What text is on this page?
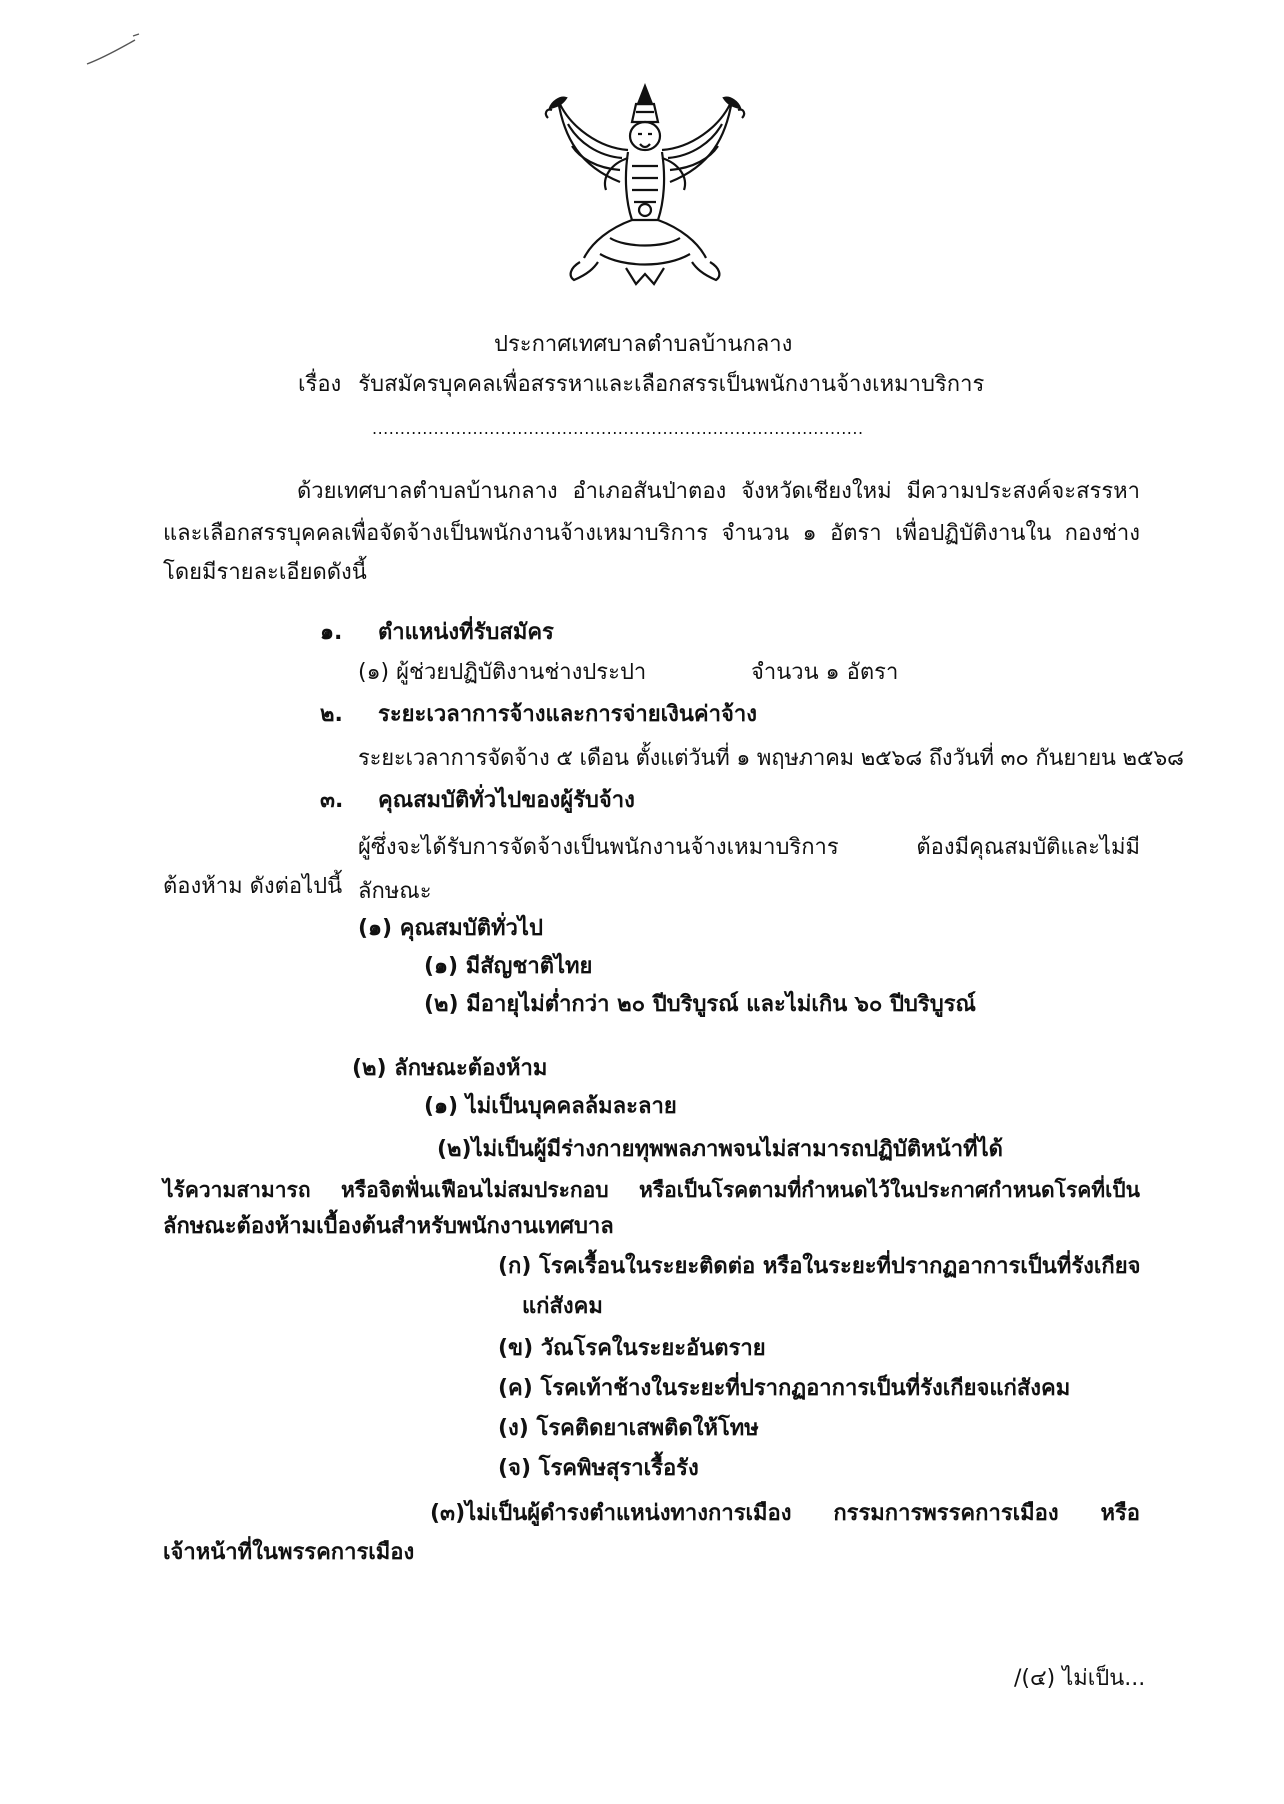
ประกาศเทศบาลตำบลบ้านกลาง
เรื่อง รับสมัครบุคคลเพื่อสรรหาและเลือกสรรเป็นพนักงานจ้างเหมาบริการ
........................................................................................
ด้วยเทศบาลตำบลบ้านกลาง อำเภอสันป่าตอง จังหวัดเชียงใหม่ มีความประสงค์จะสรรหา
และเลือกสรรบุคคลเพื่อจัดจ้างเป็นพนักงานจ้างเหมาบริการ จำนวน ๑ อัตรา เพื่อปฏิบัติงานใน กองช่าง
โดยมีรายละเอียดดังนี้
๑. ตำแหน่งที่รับสมัคร
(๑) ผู้ช่วยปฏิบัติงานช่างประปา	จำนวน ๑ อัตรา
๒. ระยะเวลาการจ้างและการจ่ายเงินค่าจ้าง
ระยะเวลาการจัดจ้าง ๕ เดือน ตั้งแต่วันที่ ๑ พฤษภาคม ๒๕๖๘ ถึงวันที่ ๓๐ กันยายน ๒๕๖๘
๓. คุณสมบัติทั่วไปของผู้รับจ้าง
ผู้ซึ่งจะได้รับการจัดจ้างเป็นพนักงานจ้างเหมาบริการ ต้องมีคุณสมบัติและไม่มีลักษณะ
ต้องห้าม ดังต่อไปนี้
(๑) คุณสมบัติทั่วไป
(๑) มีสัญชาติไทย
(๒) มีอายุไม่ต่ำกว่า ๒๐ ปีบริบูรณ์ และไม่เกิน ๖๐ ปีบริบูรณ์
(๒) ลักษณะต้องห้าม
(๑) ไม่เป็นบุคคลล้มละลาย
(๒)ไม่เป็นผู้มีร่างกายทุพพลภาพจนไม่สามารถปฏิบัติหน้าที่ได้
ไร้ความสามารถ หรือจิตฟั่นเฟือนไม่สมประกอบ หรือเป็นโรคตามที่กำหนดไว้ในประกาศกำหนดโรคที่เป็น
ลักษณะต้องห้ามเบื้องต้นสำหรับพนักงานเทศบาล
(ก) โรคเรื้อนในระยะติดต่อ หรือในระยะที่ปรากฏอาการเป็นที่รังเกียจ
แก่สังคม
(ข) วัณโรคในระยะอันตราย
(ค) โรคเท้าช้างในระยะที่ปรากฏอาการเป็นที่รังเกียจแก่สังคม
(ง) โรคติดยาเสพติดให้โทษ
(จ) โรคพิษสุราเรื้อรัง
(๓)ไม่เป็นผู้ดำรงตำแหน่งทางการเมือง กรรมการพรรคการเมือง หรือ
เจ้าหน้าที่ในพรรคการเมือง
/(๔) ไม่เป็น...
